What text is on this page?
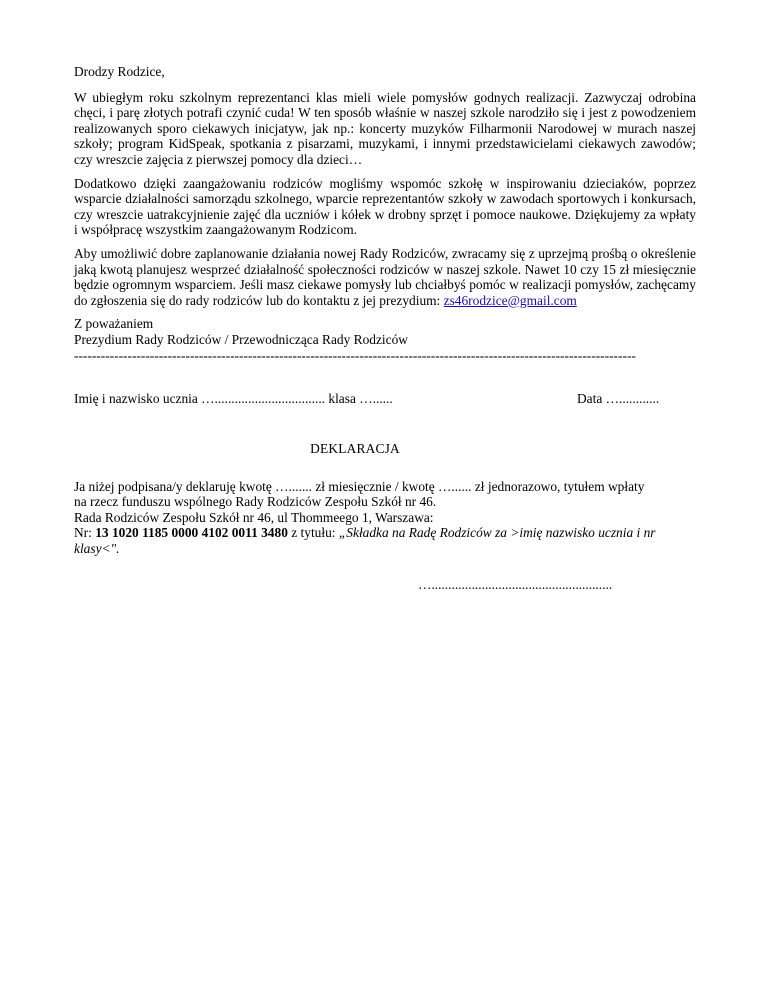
Drodzy Rodzice,

W ubiegłym roku szkolnym reprezentanci klas mieli wiele pomysłów godnych realizacji. Zazwyczaj odrobina chęci, i parę złotych potrafi czynić cuda! W ten sposób właśnie w naszej szkole narodziło się i jest z powodzeniem realizowanych sporo ciekawych inicjatyw, jak np.: koncerty muzyków Filharmonii Narodowej w murach naszej szkoły; program KidSpeak, spotkania z pisarzami, muzykami, i innymi przedstawicielami ciekawych zawodów; czy wreszcie zajęcia z pierwszej pomocy dla dzieci…

Dodatkowo dzięki zaangażowaniu rodziców mogliśmy wspomóc szkołę w inspirowaniu dzieciaków, poprzez wsparcie działalności samorządu szkolnego, wparcie reprezentantów szkoły w zawodach sportowych i konkursach, czy wreszcie uatrakcyjnienie zajęć dla uczniów i kółek w drobny sprzęt i pomoce naukowe. Dziękujemy za wpłaty i współpracę wszystkim zaangażowanym Rodzicom.

Aby umożliwić dobre zaplanowanie działania nowej Rady Rodziców, zwracamy się z uprzejmą prośbą o określenie jaką kwotą planujesz wesprzeć działalność społeczności rodziców w naszej szkole. Nawet 10 czy 15 zł miesięcznie będzie ogromnym wsparciem. Jeśli masz ciekawe pomysły lub chciałbyś pomóc w realizacji pomysłów, zachęcamy do zgłoszenia się do rady rodziców lub do kontaktu z jej prezydium: zs46rodzice@gmail.com

Z poważaniem

Prezydium Rady Rodziców / Przewodnicząca Rady Rodziców

------------------------------------------------------------------------------------------------------------------------------
Imię i nazwisko ucznia …................................. klasa …......	Data …............
DEKLARACJA

Ja niżej podpisana/y deklaruję kwotę …....... zł miesięcznie / kwotę …...... zł jednorazowo, tytułem wpłaty

na rzecz funduszu wspólnego Rady Rodziców Zespołu Szkół nr 46.

Rada Rodziców Zespołu Szkół nr 46, ul Thommeego 1, Warszawa:

Nr: 13 1020 1185 0000 4102 0011 3480 z tytułu: „Składka na Radę Rodziców za >imię nazwisko ucznia i nr klasy<".

…......................................................
